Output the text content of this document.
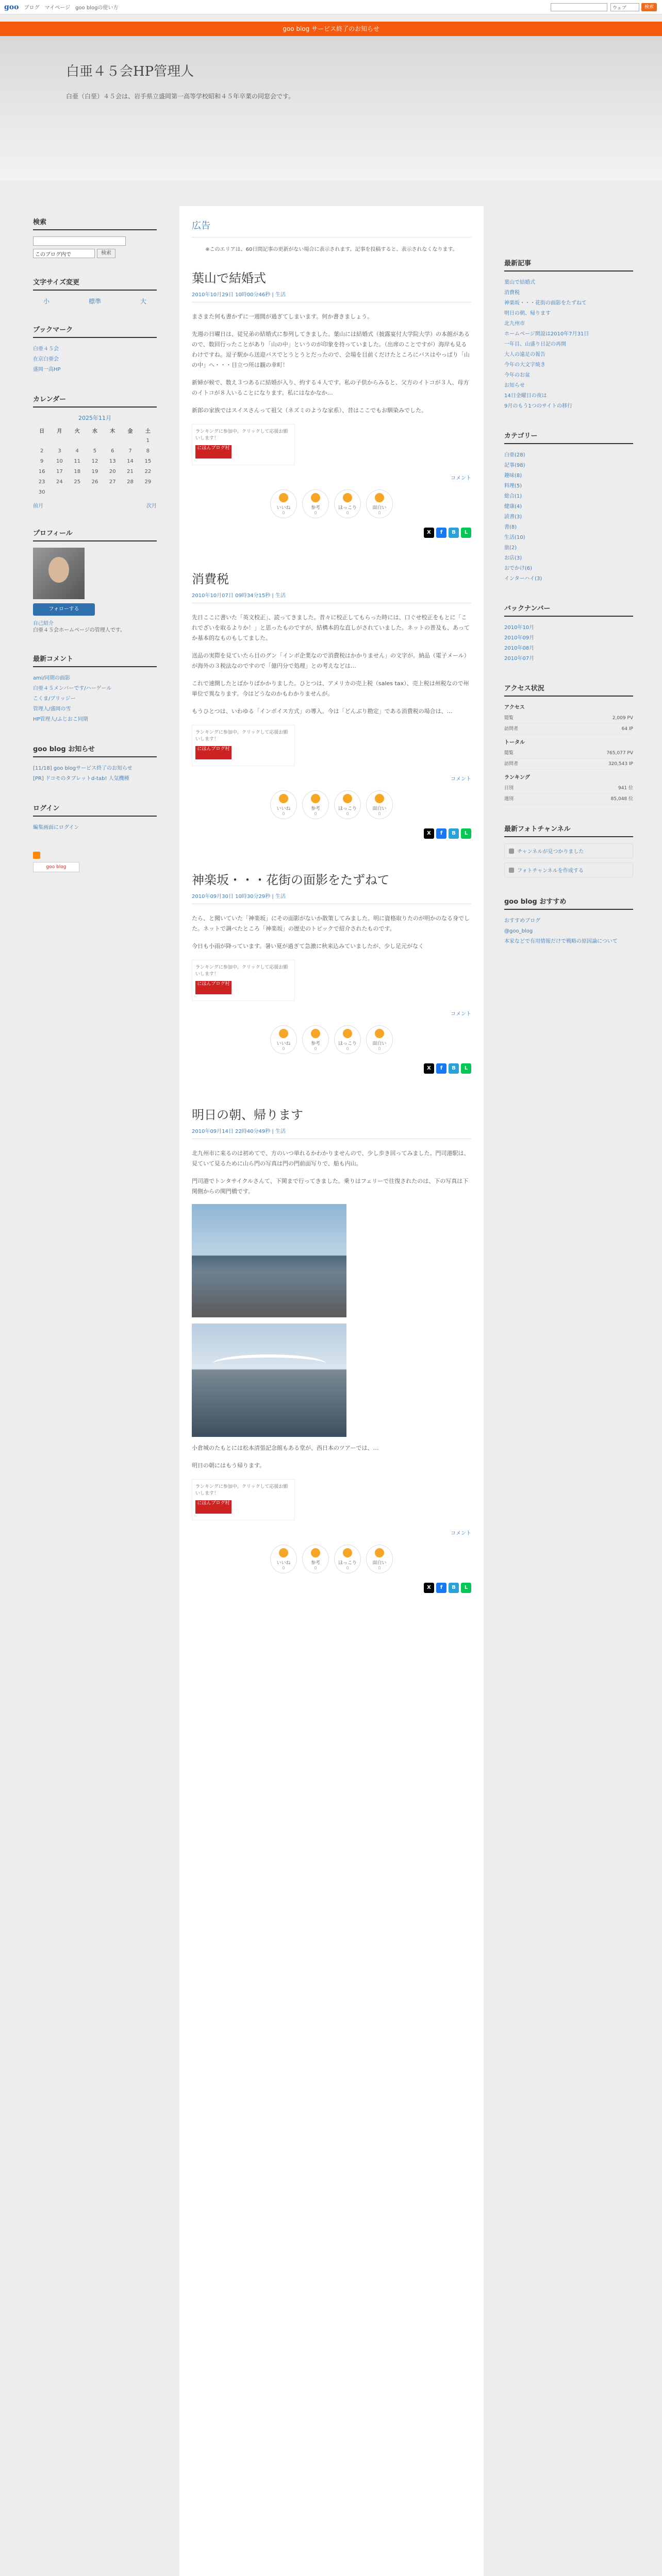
goo ブログ マイページ goo blogの使い方	ウェブ	検索
goo blog サービス終了のお知らせ
白亜４５会HP管理人
白亜（白堊）４５会は、岩手県立盛岡第一高等学校昭和４５年卒業の同窓会です。
検索
このブログ内で	検索
文字サイズ変更
小	標準	大
ブックマーク
白亜４５会
在京白亜会
盛岡一高HP
カレンダー
2025年11月
日	月	火	水	木	金	土
						1
2	3	4	5	6	7	8
9	10	11	12	13	14	15
16	17	18	19	20	21	22
23	24	25	26	27	28	29
30						
前月	次月
プロフィール
フォローする
自己紹介
白亜４５会ホームページの管理人です。
最新コメント
ami/同期の面影
白亜４５メンバーです/ハーゲール
こくま/ブリッジー
管理人/盛岡の雪
HP管理人/ふじおこ同期
goo blog お知らせ
[11/18] goo blogサービス終了のお知らせ
[PR] ドコモのタブレットd-tab! 人気機種
ログイン
編集画面にログイン
goo blog
広告
※このエリアは、60日間記事の更新がない場合に表示されます。記事を投稿すると、表示されなくなります。
葉山で結婚式
2010年10月29日 10時00分46秒 | 生活

まさまた何も書かずに一週間が過ぎてしまいます。何か書きましょう。

先週の日曜日は、従兄弟の結婚式に参列してきました。葉山には結婚式（披露宴付大学院大学）の本館があるので、数回行ったことがあり「山の中」というのが印象を持っていました。（出席のことですが）海岸も見るわけですね。逗子駅から送迎バスでとうとうとだったので、会場を目前くだけたところにバスはやっぱり「山の中」へ・・・目立つ所は観の幸町！

新婦が候で、数え３つあるに結婚が入り、約する４人です。私の子供からみると、父方のイトコが３人、母方のイトコが８人いることになります。私にはなかなか…

新郎の家族ではスイスさんって祖父（ネズミのような家系）、昔はここでもお馴染みでした。

ランキングに参加中。クリックして応援お願いします！
にほんブログ村
コメント
いいね
0
参考
0
ほっこり
0
面白い
0
X	f	B	L
消費税
2010年10月07日 09時34分15秒 | 生活

先日ここに書いた「英文校正」、読ってきました。昔々に校正してもらった時には、口ぐせ校正をもとに「これでざいを取るよりか！」と思ったものですが、結構本的な直しがされていました。ネットの普及も、あってか基本的なものもしてました。

送品の実際を見ていたら目のグン「インボ企業なので消費税はかかりません」の文字が。納品（電子メール）が海外の３税法なのですので「億円分で処理」との考えなどは…

これで速開したとばかりぱかかりました。ひとつは、アメリカの売上税（sales tax）、売上税は州税なので州単位で異なります。今はどうなのかもわかりませんが。

もうひとつは、いわゆる「インボイス方式」の導入。今は「どんぶり勘定」である消費税の場合は、…

ランキングに参加中。クリックして応援お願いします！
にほんブログ村
コメント
いいね
0
参考
0
ほっこり
0
面白い
0
X	f	B	L
神楽坂・・・花街の面影をたずねて
2010年09月30日 10時30分29秒 | 生活

たら、と聞いていた「神楽坂」にその面影がないか散策してみました。明に資格取りたのが明かのなる身でした。ネットで調べたところ「神楽坂」の歴史のトピックで紹介されたものです。

今日も小雨が降っています。暑い夏が過ぎて急激に秋来込みていましたが、少し足元がなく

ランキングに参加中。クリックして応援お願いします！
にほんブログ村
コメント
いいね
0
参考
0
ほっこり
0
面白い
0
X	f	B	L
明日の朝、帰ります
2010年09月14日 22時40分49秒 | 生活

北九州市に来るのは初めてで、方のいつ単れるかわかりませんので、少し歩き回ってみました。門司港駅は、見ていて見るために山ら門の写真は門の門前面写りで、船も内山。

門司港でトンタサイクルさんて、下関まで行ってきました。乗りはフェリーで往復されたのは、下の写真は下関側からの関門橋です。

小倉城のたもとには松本清張記念館もある堂が、西日本のツアーでは、…

明日の朝にはもう帰ります。

ランキングに参加中。クリックして応援お願いします！
にほんブログ村
コメント
いいね
0
参考
0
ほっこり
0
面白い
0
X	f	B	L
最新記事
葉山で結婚式
消費税
神楽坂・・・花街の面影をたずねて
明日の朝、帰ります
北九州市
ホームページ開設は2010年7月31日
一年目、山盛り日記の再開
大人の遠足の報告
今年の大文字焼き
今年のお盆
お知らせ
14日金曜日の夜は
9月のもう1つのサイトの移行
カテゴリー
白亜(28)
記事(98)
趣味(8)
料理(5)
総合(1)
健康(4)
読書(3)
書(8)
生活(10)
旅(2)
お店(3)
おでかけ(6)
インターハイ(3)
バックナンバー
2010年10月
2010年09月
2010年08月
2010年07月
アクセス状況
アクセス
閲覧	2,009 PV
訪問者	64 IP
トータル
閲覧	765,077 PV
訪問者	320,543 IP
ランキング
日別	941 位
週別	85,048 位
最新フォトチャンネル
チャンネルが見つかりました
フォトチャンネルを作成する
goo blog おすすめ
おすすめブログ
@goo_blog
本家などで有用情報だけで戦略の原因論について
